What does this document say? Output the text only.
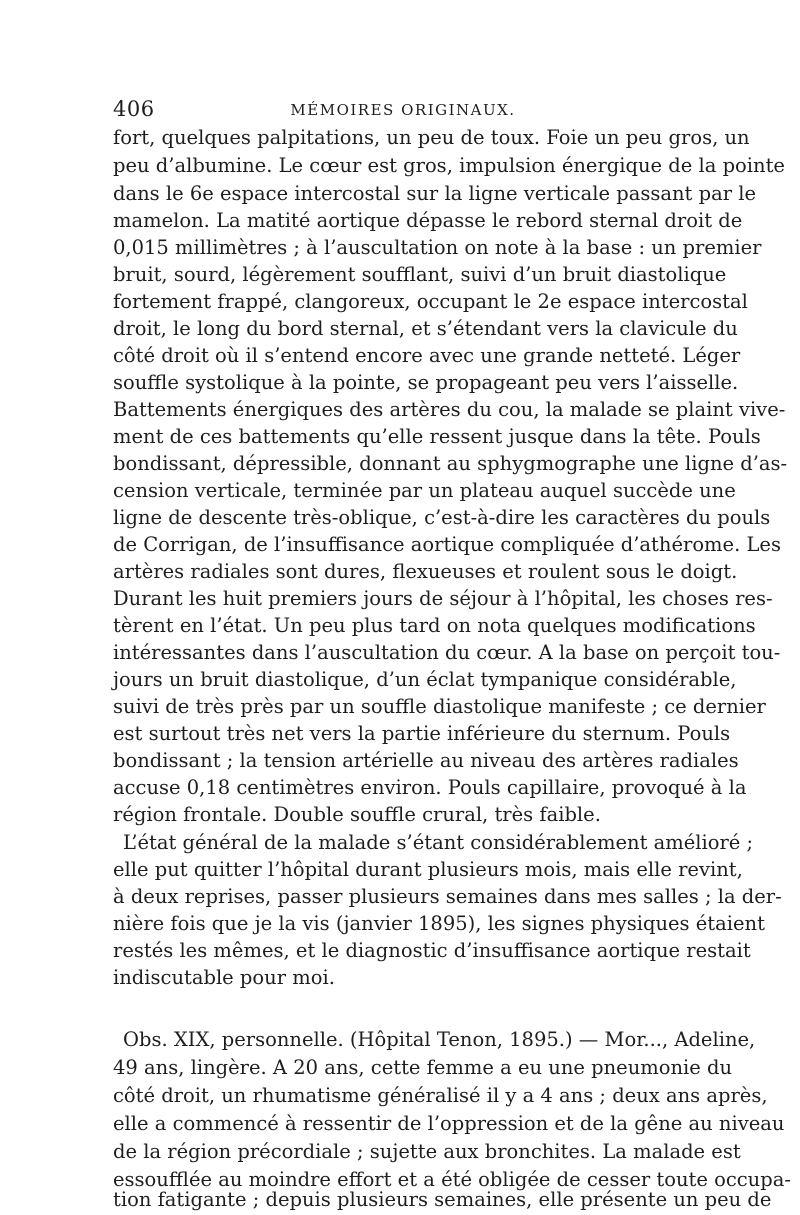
406	MÉMOIRES ORIGINAUX.
fort, quelques palpitations, un peu de toux. Foie un peu gros, un
peu d’albumine. Le cœur est gros, impulsion énergique de la pointe
dans le 6e espace intercostal sur la ligne verticale passant par le
mamelon. La matité aortique dépasse le rebord sternal droit de
0,015 millimètres ; à l’auscultation on note à la base : un premier
bruit, sourd, légèrement soufflant, suivi d’un bruit diastolique
fortement frappé, clangoreux, occupant le 2e espace intercostal
droit, le long du bord sternal, et s’étendant vers la clavicule du
côté droit où il s’entend encore avec une grande netteté. Léger
souffle systolique à la pointe, se propageant peu vers l’aisselle.
Battements énergiques des artères du cou, la malade se plaint vive-
ment de ces battements qu’elle ressent jusque dans la tête. Pouls
bondissant, dépressible, donnant au sphygmographe une ligne d’as-
cension verticale, terminée par un plateau auquel succède une
ligne de descente très-oblique, c’est-à-dire les caractères du pouls
de Corrigan, de l’insuffisance aortique compliquée d’athérome. Les
artères radiales sont dures, flexueuses et roulent sous le doigt.
Durant les huit premiers jours de séjour à l’hôpital, les choses res-
tèrent en l’état. Un peu plus tard on nota quelques modifications
intéressantes dans l’auscultation du cœur. A la base on perçoit tou-
jours un bruit diastolique, d’un éclat tympanique considérable,
suivi de très près par un souffle diastolique manifeste ; ce dernier
est surtout très net vers la partie inférieure du sternum. Pouls
bondissant ; la tension artérielle au niveau des artères radiales
accuse 0,18 centimètres environ. Pouls capillaire, provoqué à la
région frontale. Double souffle crural, très faible.
L’état général de la malade s’étant considérablement amélioré ;
elle put quitter l’hôpital durant plusieurs mois, mais elle revint,
à deux reprises, passer plusieurs semaines dans mes salles ; la der-
nière fois que je la vis (janvier 1895), les signes physiques étaient
restés les mêmes, et le diagnostic d’insuffisance aortique restait
indiscutable pour moi.
Obs. XIX, personnelle. (Hôpital Tenon, 1895.) — Mor..., Adeline,
49 ans, lingère. A 20 ans, cette femme a eu une pneumonie du
côté droit, un rhumatisme généralisé il y a 4 ans ; deux ans après,
elle a commencé à ressentir de l’oppression et de la gêne au niveau
de la région précordiale ; sujette aux bronchites. La malade est
essoufflée au moindre effort et a été obligée de cesser toute occupa-
tion fatigante ; depuis plusieurs semaines, elle présente un peu de
